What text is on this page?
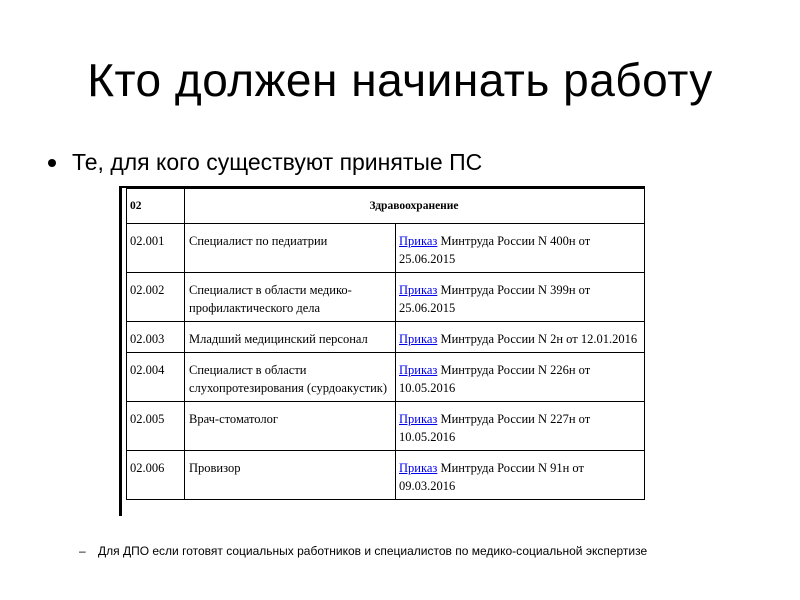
Кто должен начинать работу
Те, для кого существуют принятые ПС
02	Здравоохранение	
02.001	Специалист по педиатрии	Приказ Минтруда России N 400н от 25.06.2015
02.002	Специалист в области медико-профилактического дела	Приказ Минтруда России N 399н от 25.06.2015
02.003	Младший медицинский персонал	Приказ Минтруда России N 2н от 12.01.2016
02.004	Специалист в области слухопротезирования (сурдоакустик)	Приказ Минтруда России N 226н от 10.05.2016
02.005	Врач-стоматолог	Приказ Минтруда России N 227н от 10.05.2016
02.006	Провизор	Приказ Минтруда России N 91н от 09.03.2016
– Для ДПО если готовят социальных работников и специалистов по медико-социальной экспертизе
